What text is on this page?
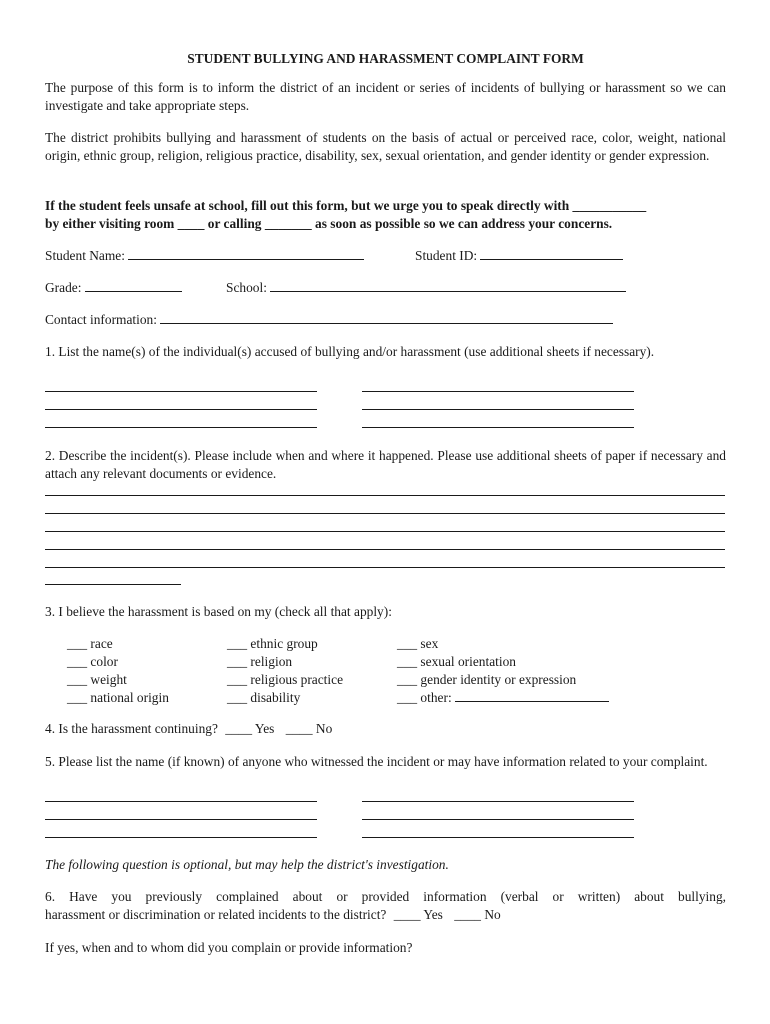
STUDENT BULLYING AND HARASSMENT COMPLAINT FORM
The purpose of this form is to inform the district of an incident or series of incidents of bullying or harassment so we can investigate and take appropriate steps.
The district prohibits bullying and harassment of students on the basis of actual or perceived race, color, weight, national origin, ethnic group, religion, religious practice, disability, sex, sexual orientation, and gender identity or gender expression.
If the student feels unsafe at school, fill out this form, but we urge you to speak directly with ___________
by either visiting room ____ or calling _______ as soon as possible so we can address your concerns.
Student Name:	Student ID:
Grade:	School:
Contact information:
1. List the name(s) of the individual(s) accused of bullying and/or harassment (use additional sheets if necessary).
2. Describe the incident(s). Please include when and where it happened. Please use additional sheets of paper if necessary and attach any relevant documents or evidence.
3. I believe the harassment is based on my (check all that apply):
___ race
___ color
___ weight
___ national origin
___ ethnic group
___ religion
___ religious practice
___ disability
___ sex
___ sexual orientation
___ gender identity or expression
___ other:
4. Is the harassment continuing? ____ Yes ____ No
5. Please list the name (if known) of anyone who witnessed the incident or may have information related to your complaint.
The following question is optional, but may help the district's investigation.
6. Have you previously complained about or provided information (verbal or written) about bullying,
harassment or discrimination or related incidents to the district? ____ Yes ____ No
If yes, when and to whom did you complain or provide information?
